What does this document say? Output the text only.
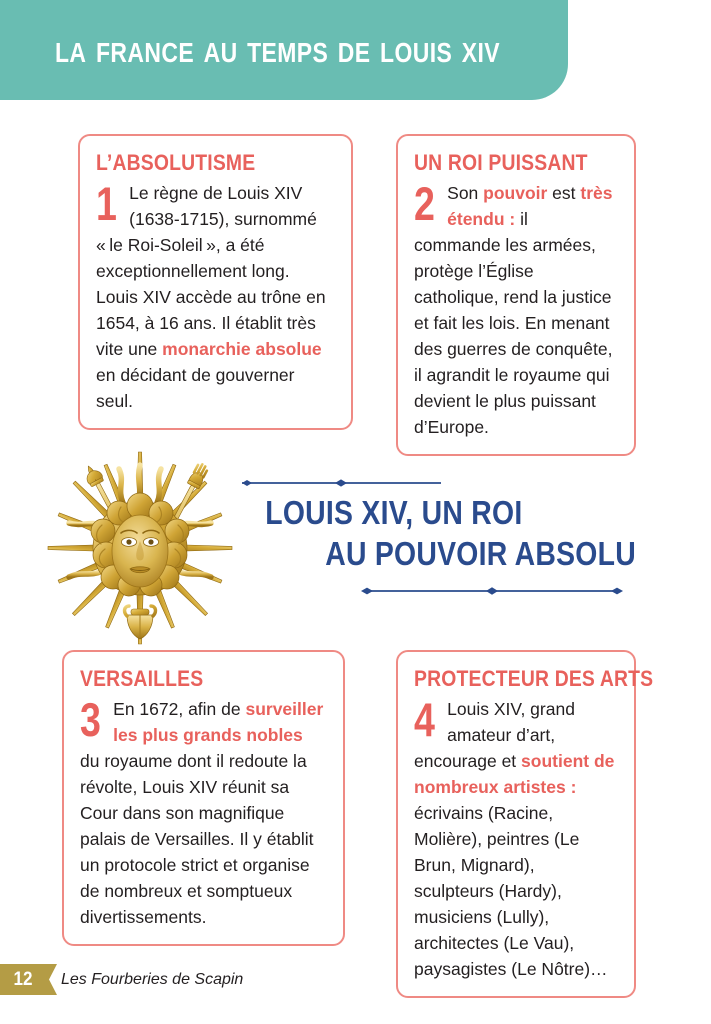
la france au temps de louis xiv
L’ABSOLUTISME
1 Le règne de Louis XIV (1638-1715), surnommé « le Roi-Soleil », a été exceptionnellement long. Louis XIV accède au trône en 1654, à 16 ans. Il établit très vite une monarchie absolue en décidant de gouverner seul.
UN ROI PUISSANT
2 Son pouvoir est très étendu : il commande les armées, protège l’Église catholique, rend la justice et fait les lois. En menant des guerres de conquête, il agrandit le royaume qui devient le plus puissant d’Europe.
VERSAILLES
3 En 1672, afin de surveiller les plus grands nobles du royaume dont il redoute la révolte, Louis XIV réunit sa Cour dans son magnifique palais de Versailles. Il y établit un protocole strict et organise de nombreux et somptueux divertissements.
PROTECTEUR DES ARTS
4 Louis XIV, grand amateur d’art, encourage et soutient de nombreux artistes : écrivains (Racine, Molière), peintres (Le Brun, Mignard), sculpteurs (Hardy), musiciens (Lully), architectes (Le Vau), paysagistes (Le Nôtre)…
LOUIS XIV, UN ROI
AU POUVOIR ABSOLU
12	Les Fourberies de Scapin
